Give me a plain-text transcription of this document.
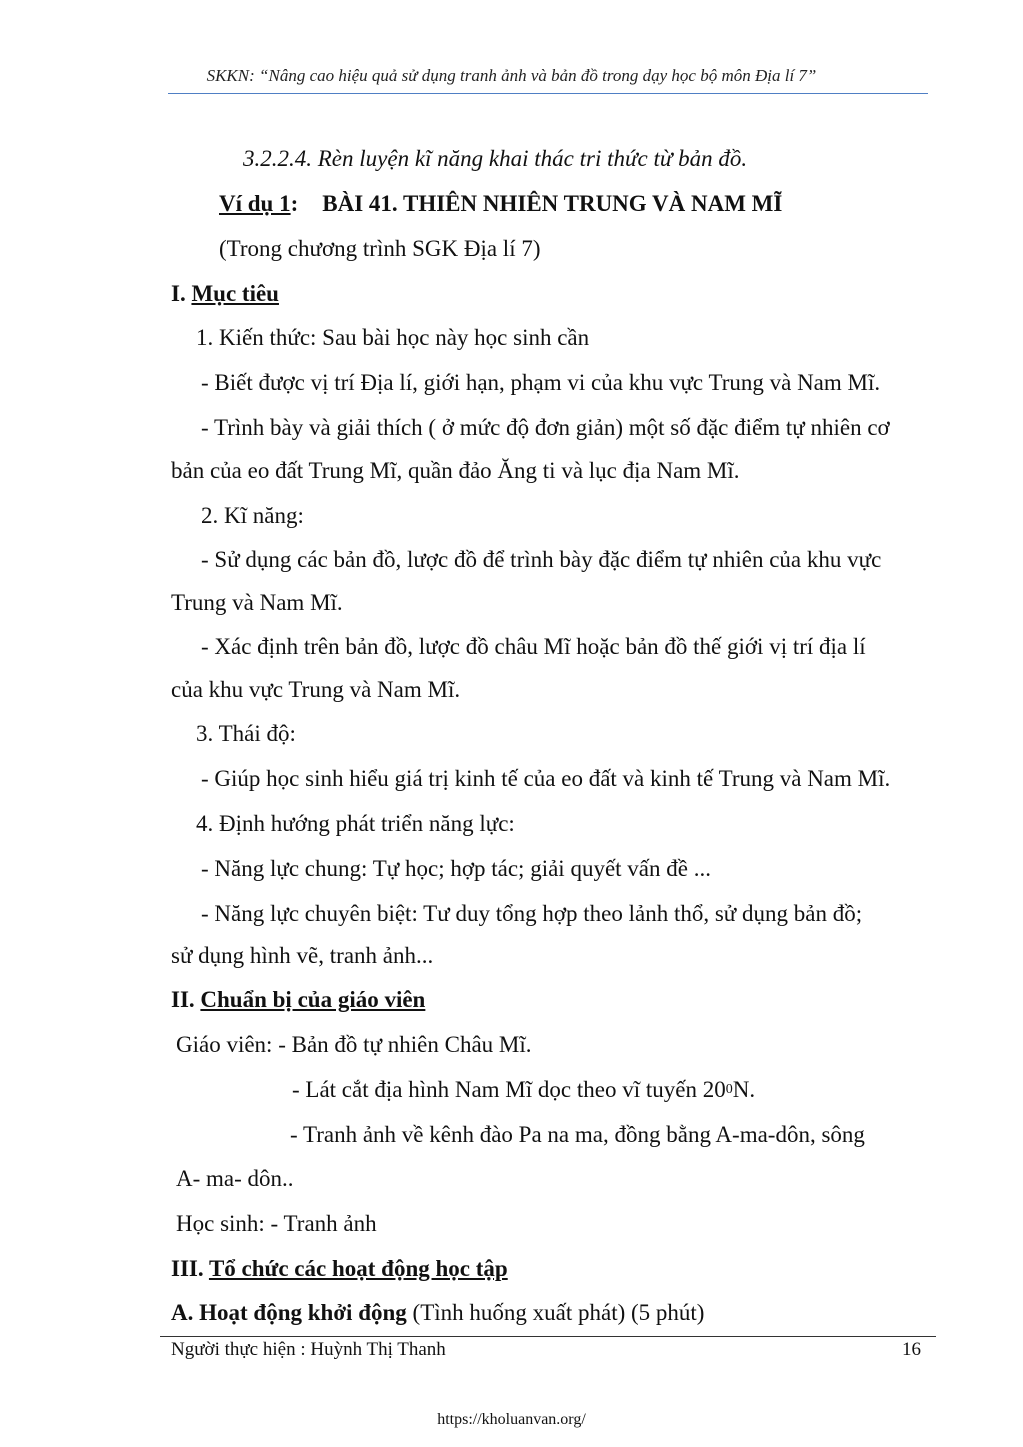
SKKN: “Nâng cao hiệu quả sử dụng tranh ảnh và bản đồ trong dạy học bộ môn Địa lí 7”
3.2.2.4. Rèn luyện kĩ năng khai thác tri thức từ bản đồ.
Ví dụ 1: BÀI 41. THIÊN NHIÊN TRUNG VÀ NAM MĨ
(Trong chương trình SGK Địa lí 7)
I. Mục tiêu
1. Kiến thức: Sau bài học này học sinh cần
- Biết được vị trí Địa lí, giới hạn, phạm vi của khu vực Trung và Nam Mĩ.
- Trình bày và giải thích ( ở mức độ đơn giản) một số đặc điểm tự nhiên cơ
bản của eo đất Trung Mĩ, quần đảo Ăng ti và lục địa Nam Mĩ.
2. Kĩ năng:
- Sử dụng các bản đồ, lược đồ để trình bày đặc điểm tự nhiên của khu vực
Trung và Nam Mĩ.
- Xác định trên bản đồ, lược đồ châu Mĩ hoặc bản đồ thế giới vị trí địa lí
của khu vực Trung và Nam Mĩ.
3. Thái độ:
- Giúp học sinh hiểu giá trị kinh tế của eo đất và kinh tế Trung và Nam Mĩ.
4. Định hướng phát triển năng lực:
- Năng lực chung: Tự học; hợp tác; giải quyết vấn đề ...
- Năng lực chuyên biệt: Tư duy tổng hợp theo lảnh thổ, sử dụng bản đồ;
sử dụng hình vẽ, tranh ảnh...
II. Chuẩn bị của giáo viên
Giáo viên: - Bản đồ tự nhiên Châu Mĩ.
- Lát cắt địa hình Nam Mĩ dọc theo vĩ tuyến $20^0N$.
- Tranh ảnh về kênh đào Pa na ma, đồng bằng A-ma-dôn, sông
A- ma- dôn..
Học sinh: - Tranh ảnh
III. Tổ chức các hoạt động học tập
A. Hoạt động khởi động (Tình huống xuất phát) (5 phút)
Người thực hiện : Huỳnh Thị Thanh	16
https://kholuanvan.org/
